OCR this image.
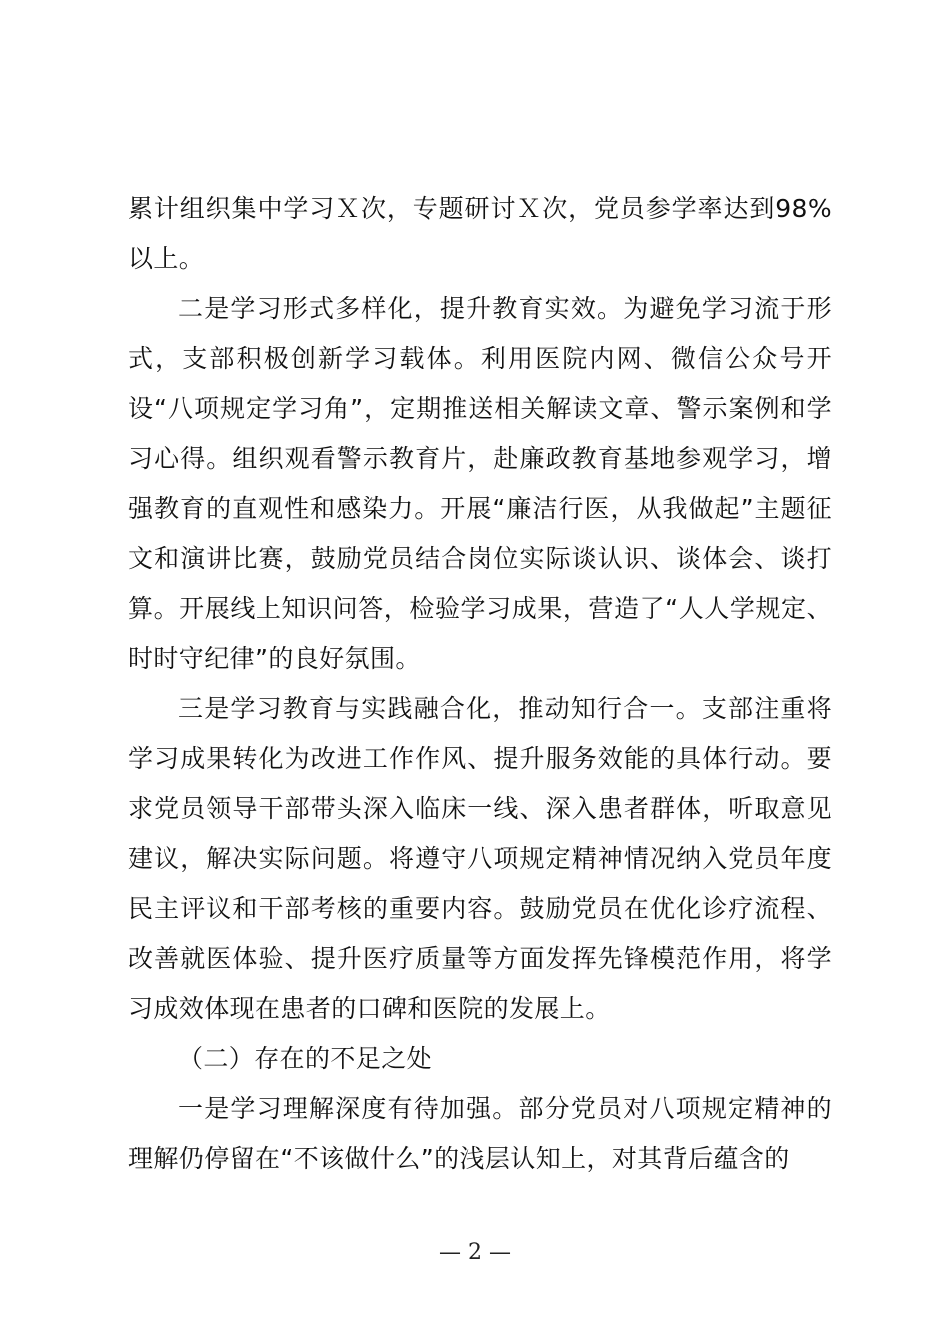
累计组织集中学习Ｘ次，专题研讨Ｘ次，党员参学率达到98%以上。

二是学习形式多样化，提升教育实效。为避免学习流于形式，支部积极创新学习载体。利用医院内网、微信公众号开设“八项规定学习角”，定期推送相关解读文章、警示案例和学习心得。组织观看警示教育片，赴廉政教育基地参观学习，增强教育的直观性和感染力。开展“廉洁行医，从我做起”主题征文和演讲比赛，鼓励党员结合岗位实际谈认识、谈体会、谈打算。开展线上知识问答，检验学习成果，营造了“人人学规定、时时守纪律”的良好氛围。

三是学习教育与实践融合化，推动知行合一。支部注重将学习成果转化为改进工作作风、提升服务效能的具体行动。要求党员领导干部带头深入临床一线、深入患者群体，听取意见建议，解决实际问题。将遵守八项规定精神情况纳入党员年度民主评议和干部考核的重要内容。鼓励党员在优化诊疗流程、改善就医体验、提升医疗质量等方面发挥先锋模范作用，将学习成效体现在患者的口碑和医院的发展上。

（二）存在的不足之处

一是学习理解深度有待加强。部分党员对八项规定精神的理解仍停留在“不该做什么”的浅层认知上，对其背后蕴含的

— 2 —
